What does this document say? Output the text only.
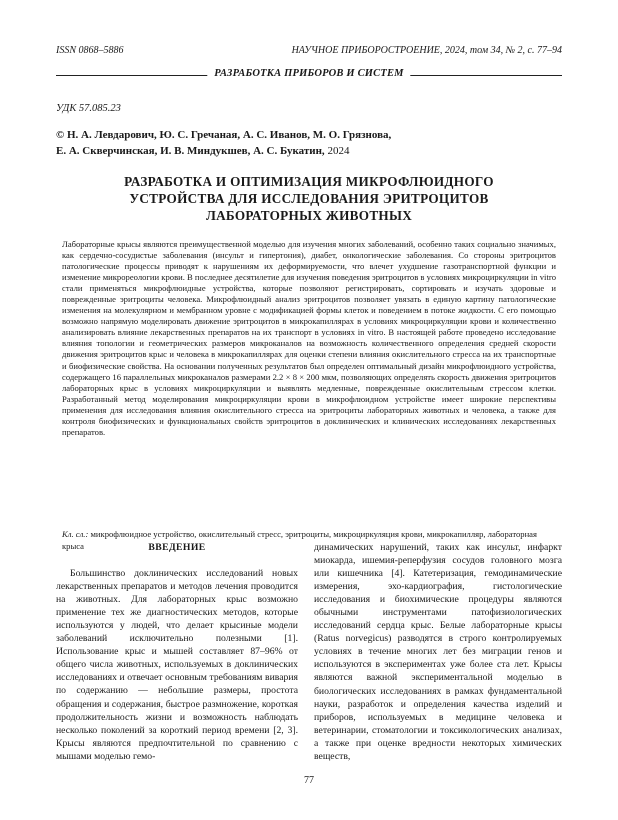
ISSN 0868–5886	НАУЧНОЕ ПРИБОРОСТРОЕНИЕ, 2024, том 34, № 2, с. 77–94
РАЗРАБОТКА ПРИБОРОВ И СИСТЕМ
УДК 57.085.23
© Н. А. Левдарович, Ю. С. Гречаная, А. С. Иванов, М. О. Грязнова,
Е. А. Скверчинская, И. В. Миндукшев, А. С. Букатин, 2024
РАЗРАБОТКА И ОПТИМИЗАЦИЯ МИКРОФЛЮИДНОГО
УСТРОЙСТВА ДЛЯ ИССЛЕДОВАНИЯ ЭРИТРОЦИТОВ
ЛАБОРАТОРНЫХ ЖИВОТНЫХ

Лабораторные крысы являются преимущественной моделью для изучения многих заболеваний, особенно таких социально значимых, как сердечно-сосудистые заболевания (инсульт и гипертония), диабет, онкологические заболевания. Со стороны эритроцитов патологические процессы приводят к нарушениям их деформируемости, что влечет ухудшение газотранспортной функции и изменение микрореологии крови. В последнее десятилетие для изучения поведения эритроцитов в условиях микроциркуляции in vitro стали применяться микрофлюидные устройства, которые позволяют регистрировать, сортировать и изучать здоровые и поврежденные эритроциты человека. Микрофлюидный анализ эритроцитов позволяет увязать в единую картину патологические изменения на молекулярном и мембранном уровне с модификацией формы клеток и поведением в потоке жидкости. С его помощью возможно напрямую моделировать движение эритроцитов в микрокапиллярах в условиях микроциркуляции крови и количественно анализировать влияние лекарственных препаратов на их транспорт в условиях in vitro. В настоящей работе проведено исследование влияния топологии и геометрических размеров микроканалов на возможность количественного определения средней скорости движения эритроцитов крыс и человека в микрокапиллярах для оценки степени влияния окислительного стресса на их транспортные и биофизические свойства. На основании полученных результатов был определен оптимальный дизайн микрофлюидного устройства, содержащего 16 параллельных микроканалов размерами 2.2 × 8 × 200 мкм, позволяющих определять скорость движения эритроцитов лабораторных крыс в условиях микроциркуляции и выявлять медленные, поврежденные окислительным стрессом клетки. Разработанный метод моделирования микроциркуляции крови в микрофлюидном устройстве имеет широкие перспективы применения для исследования влияния окислительного стресса на эритроциты лабораторных животных и человека, а также для контроля биофизических и функциональных свойств эритроцитов в доклинических и клинических исследованиях лекарственных препаратов.

Кл. сл.: микрофлюидное устройство, окислительный стресс, эритроциты, микроциркуляция крови, микрокапилляр, лабораторная крыса	ВВЕДЕНИЕ

Большинство доклинических исследований новых лекарственных препаратов и методов лечения проводится на животных. Для лабораторных крыс возможно применение тех же диагностических методов, которые используются у людей, что делает крысиные модели заболеваний исключительно полезными [1]. Использование крыс и мышей составляет 87–96% от общего числа животных, используемых в доклинических исследованиях и отвечает основным требованиям вивария по содержанию — небольшие размеры, простота обращения и содержания, быстрое размножение, короткая продолжительность жизни и возможность наблюдать несколько поколений за короткий период времени [2, 3]. Крысы являются предпочтительной по сравнению с мышами моделью гемо-

динамических нарушений, таких как инсульт, инфаркт миокарда, ишемия-реперфузия сосудов головного мозга или кишечника [4]. Катетеризация, гемодинамические измерения, эхо-кардиография, гистологические исследования и биохимические процедуры являются обычными инструментами патофизиологических исследований сердца крыс. Белые лабораторные крысы (Ratus norvegicus) разводятся в строго контролируемых условиях в течение многих лет без миграции генов и используются в экспериментах уже более ста лет. Крысы являются важной экспериментальной моделью в биологических исследованиях в рамках фундаментальной науки, разработок и определения качества изделий и приборов, используемых в медицине человека и ветеринарии, стоматологии и токсикологических анализах, а также при оценке вредности некоторых химических веществ,

77
